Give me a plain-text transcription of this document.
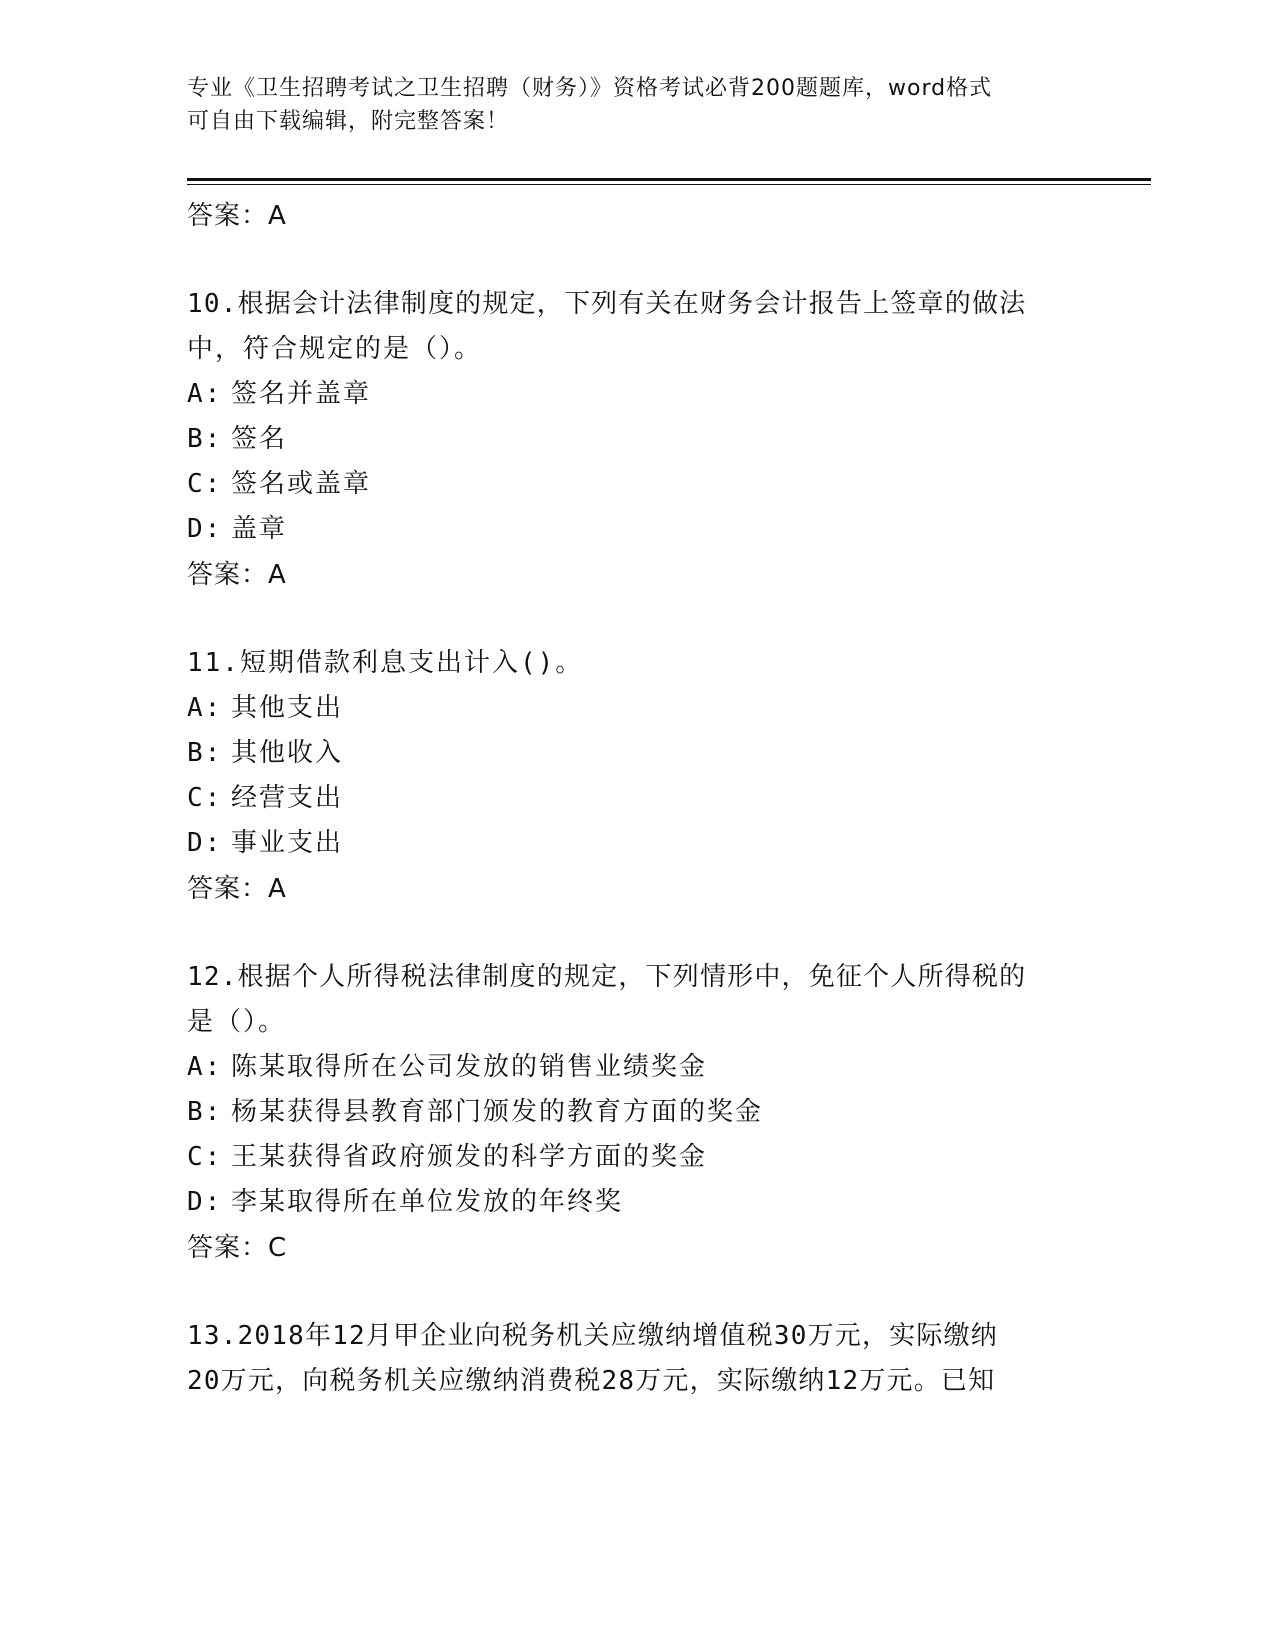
专业《卫生招聘考试之卫生招聘（财务）》资格考试必背200题题库，word格式
可自由下载编辑，附完整答案！
答案：A
10.根据会计法律制度的规定，下列有关在财务会计报告上签章的做法
中，符合规定的是（）。
A: 签名并盖章
B: 签名
C: 签名或盖章
D: 盖章
答案：A
11.短期借款利息支出计入()。
A: 其他支出
B: 其他收入
C: 经营支出
D: 事业支出
答案：A
12.根据个人所得税法律制度的规定，下列情形中，免征个人所得税的
是（）。
A: 陈某取得所在公司发放的销售业绩奖金
B: 杨某获得县教育部门颁发的教育方面的奖金
C: 王某获得省政府颁发的科学方面的奖金
D: 李某取得所在单位发放的年终奖
答案：C
13.2018年12月甲企业向税务机关应缴纳增值税30万元，实际缴纳
20万元，向税务机关应缴纳消费税28万元，实际缴纳12万元。已知
